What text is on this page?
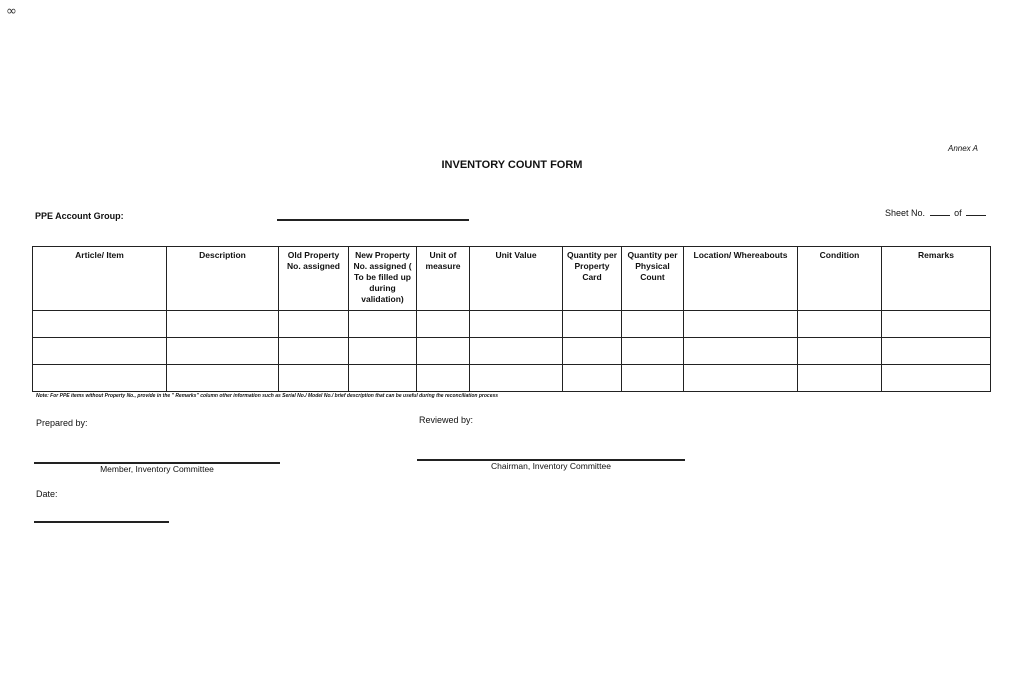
∞
Annex A
INVENTORY COUNT FORM
PPE Account Group:	Sheet No.	of
Article/ Item	Description	Old Property No. assigned	New Property No. assigned ( To be filled up during validation)	Unit of measure	Unit Value	Quantity per Property Card	Quantity per Physical Count	Location/ Whereabouts	Condition	Remarks

Note: For PPE items without Property No., provide in the " Remarks" column other information such as Serial No./ Model No./ brief description that can be useful during the reconciliation process
Prepared by:	Reviewed by:
Member, Inventory Committee	Chairman, Inventory Committee
Date:
